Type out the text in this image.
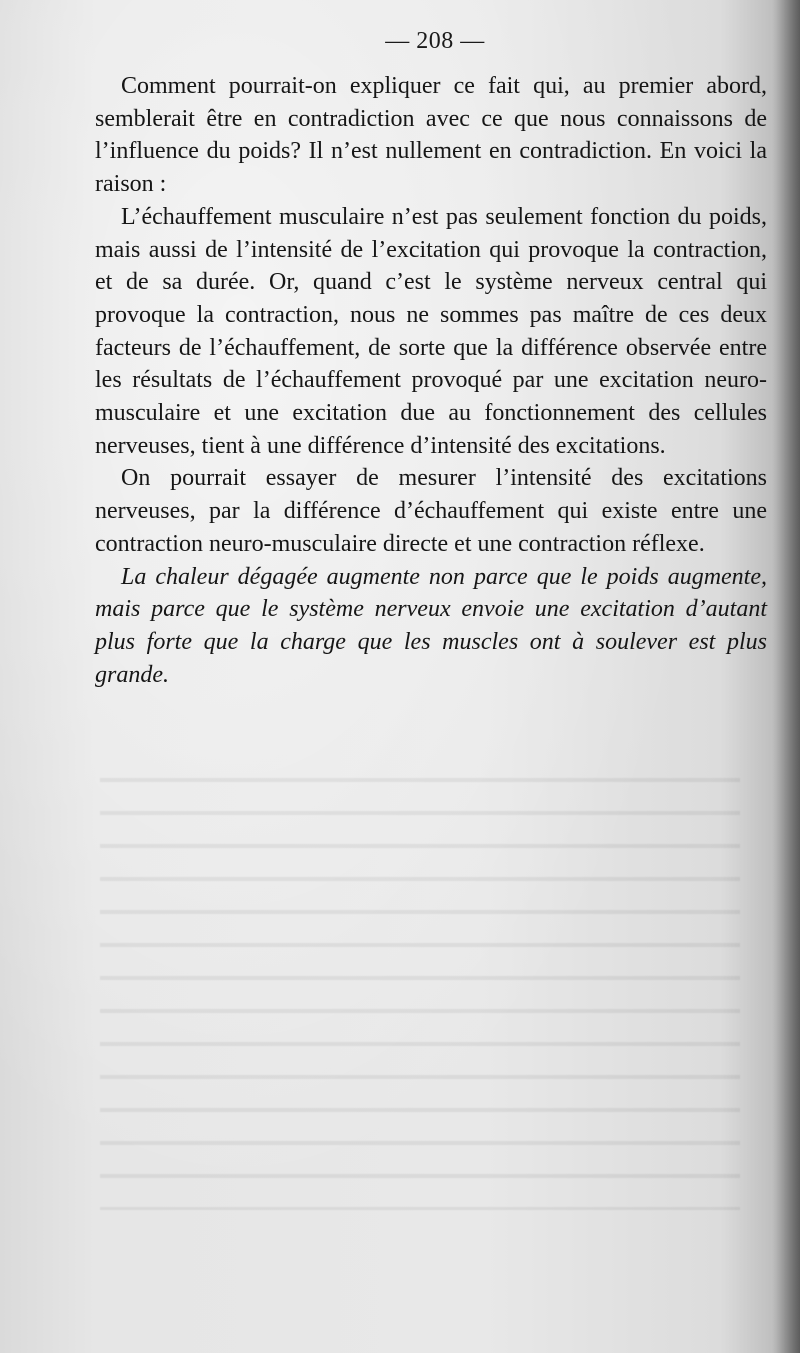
— 208 —

Comment pourrait-on expliquer ce fait qui, au premier abord, semblerait être en contradiction avec ce que nous connaissons de l’influence du poids? Il n’est nullement en contradiction. En voici la raison :

L’échauffement musculaire n’est pas seulement fonction du poids, mais aussi de l’intensité de l’excitation qui provoque la contraction, et de sa durée. Or, quand c’est le système nerveux central qui provoque la contraction, nous ne sommes pas maître de ces deux facteurs de l’échauffement, de sorte que la différence observée entre les résultats de l’échauffement provoqué par une excitation neuro-musculaire et une excitation due au fonctionnement des cellules nerveuses, tient à une différence d’intensité des excitations.

On pourrait essayer de mesurer l’intensité des excitations nerveuses, par la différence d’échauffement qui existe entre une contraction neuro-musculaire directe et une contraction réflexe.

La chaleur dégagée augmente non parce que le poids augmente, mais parce que le système nerveux envoie une excitation d’autant plus forte que la charge que les muscles ont à soulever est plus grande.
